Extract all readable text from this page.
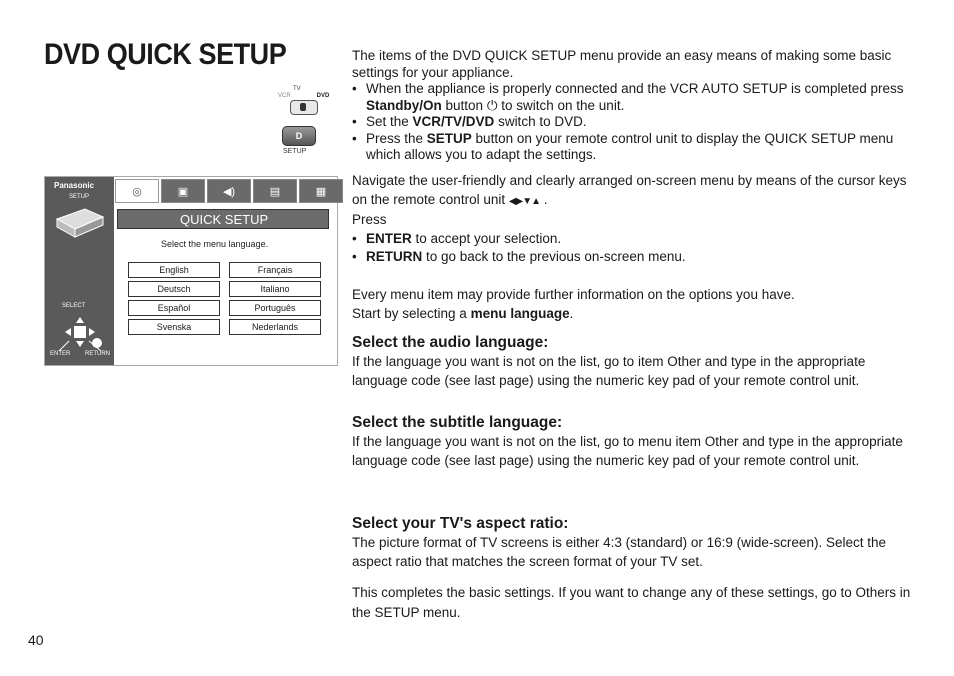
DVD QUICK SETUP
TV
VCR	DVD
D
SETUP
Panasonic
SETUP
SELECT
ENTER RETURN
◎	▣	◀)	▤	▦
QUICK SETUP
Select the menu language.
English	Français
Deutsch	Italiano
Español	Português
Svenska	Nederlands

The items of the DVD QUICK SETUP menu provide an easy means of making some basic settings for your appliance.

• When the appliance is properly connected and the VCR AUTO SETUP is completed press Standby/On button ⏻ to switch on the unit.

• Set the VCR/TV/DVD switch to DVD.

• Press the SETUP button on your remote control unit to display the QUICK SETUP menu which allows you to adapt the settings.

Navigate the user-friendly and clearly arranged on-screen menu by means of the cursor keys on the remote control unit ◀▶▼▲ .

Press

• ENTER to accept your selection.

• RETURN to go back to the previous on-screen menu.

Every menu item may provide further information on the options you have.

Start by selecting a menu language.

Select the audio language:

If the language you want is not on the list, go to item Other and type in the appropriate language code (see last page) using the numeric key pad of your remote control unit.

Select the subtitle language:

If the language you want is not on the list, go to menu item Other and type in the appropriate language code (see last page) using the numeric key pad of your remote control unit.

Select your TV's aspect ratio:

The picture format of TV screens is either 4:3 (standard) or 16:9 (wide-screen). Select the aspect ratio that matches the screen format of your TV set.

This completes the basic settings. If you want to change any of these settings, go to Others in the SETUP menu.
40
